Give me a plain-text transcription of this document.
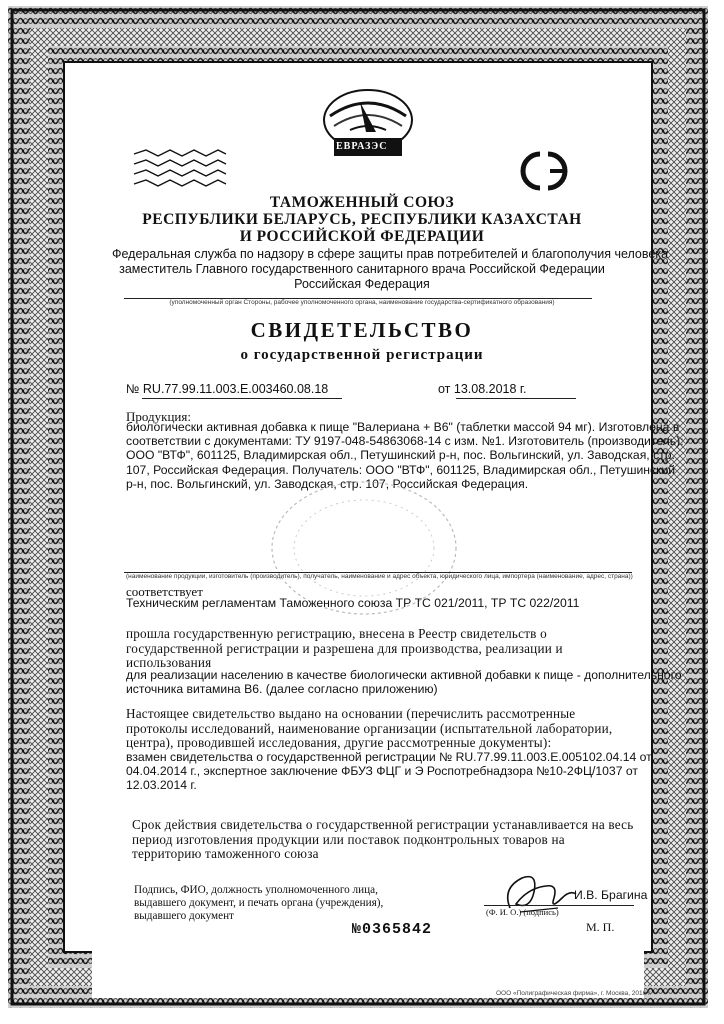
ЕВРАЗЭС
ТАМОЖЕННЫЙ СОЮЗ
РЕСПУБЛИКИ БЕЛАРУСЬ, РЕСПУБЛИКИ КАЗАХСТАН
И РОССИЙСКОЙ ФЕДЕРАЦИИ
Федеральная служба по надзору в сфере защиты прав потребителей и благополучия человека
заместитель Главного государственного санитарного врача Российской Федерации
Российская Федерация
(уполномоченный орган Стороны, рабочее уполномоченного органа, наименование государства-сертификатного образования)
СВИДЕТЕЛЬСТВО
о государственной регистрации
№ RU.77.99.11.003.Е.003460.08.18	от 13.08.2018 г.
Продукция:
биологически активная добавка к пище "Валериана + В6" (таблетки массой 94 мг). Изготовлена в
соответствии с документами: ТУ 9197-048-54863068-14 с изм. №1. Изготовитель (производитель):
ООО "ВТФ", 601125, Владимирская обл., Петушинский р-н, пос. Вольгинский, ул. Заводская, стр.
107, Российская Федерация. Получатель: ООО "ВТФ", 601125, Владимирская обл., Петушинский
р-н, пос. Вольгинский, ул. Заводская, стр. 107, Российская Федерация.
(наименование продукции, изготовитель (производитель), получатель, наименование и адрес объекта, юридического лица, импортера (наименование, адрес, страна))
соответствует
Техническим регламентам Таможенного союза ТР ТС 021/2011, ТР ТС 022/2011
прошла государственную регистрацию, внесена в Реестр свидетельств о
государственной регистрации и разрешена для производства, реализации и
использования
для реализации населению в качестве биологически активной добавки к пище - дополнительного
источника витамина В6. (далее согласно приложению)
Настоящее свидетельство выдано на основании (перечислить рассмотренные
протоколы исследований, наименование организации (испытательной лаборатории,
центра), проводившей исследования, другие рассмотренные документы):
взамен свидетельства о государственной регистрации № RU.77.99.11.003.Е.005102.04.14 от
04.04.2014 г., экспертное заключение ФБУЗ ФЦГ и Э Роспотребнадзора №10-2ФЦ/1037 от
12.03.2014 г.
Срок действия свидетельства о государственной регистрации устанавливается на весь
период изготовления продукции или поставок подконтрольных товаров на
территорию таможенного союза
Подпись, ФИО, должность уполномоченного лица,
выдавшего документ, и печать органа (учреждения),
выдавшего документ
И.В. Брагина
(Ф. И. О.) (подпись)
М. П.
№0365842
ООО «Полиграфическая фирма», г. Москва, 2016 г.
